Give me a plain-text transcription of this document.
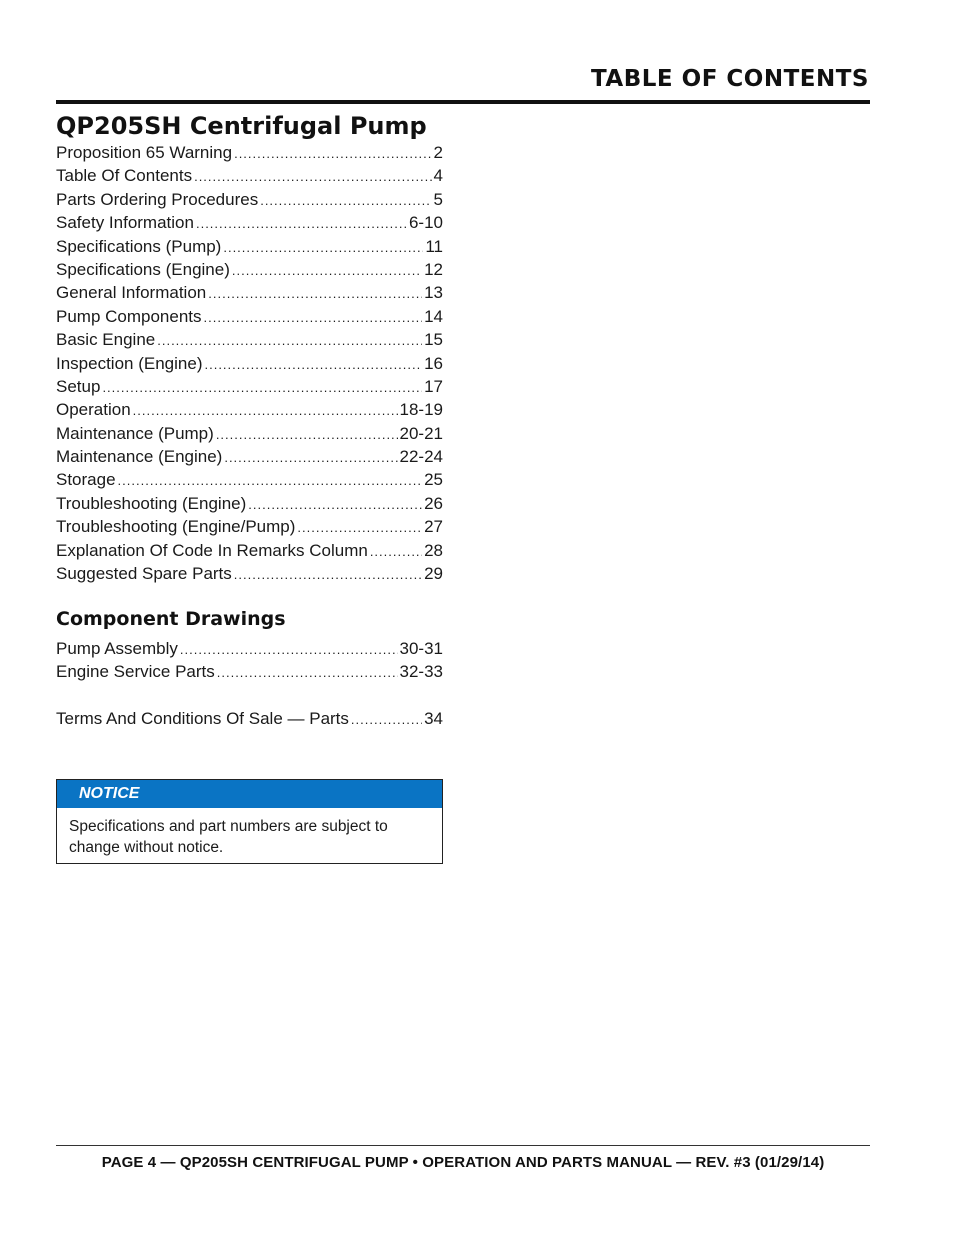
TABLE OF CONTENTS
QP205SH Centrifugal Pump
Proposition 65 Warning .....	2
Table Of Contents .....	4
Parts Ordering Procedures .....	5
Safety Information .....	6-10
Specifications (Pump) .....	11
Specifications (Engine) .....	12
General Information .....	13
Pump Components .....	14
Basic Engine .....	15
Inspection (Engine) .....	16
Setup .....	17
Operation .....	18-19
Maintenance (Pump) .....	20-21
Maintenance (Engine) .....	22-24
Storage .....	25
Troubleshooting (Engine) .....	26
Troubleshooting (Engine/Pump) .....	27
Explanation Of Code In Remarks Column .....	28
Suggested Spare Parts .....	29
Component Drawings
Pump Assembly .....	30-31
Engine Service Parts .....	32-33
Terms And Conditions Of Sale — Parts .....	34
NOTICE
Specifications and part numbers are subject to change without notice.
PAGE 4 — QP205SH CENTRIFUGAL PUMP • OPERATION AND PARTS MANUAL — REV. #3 (01/29/14)
